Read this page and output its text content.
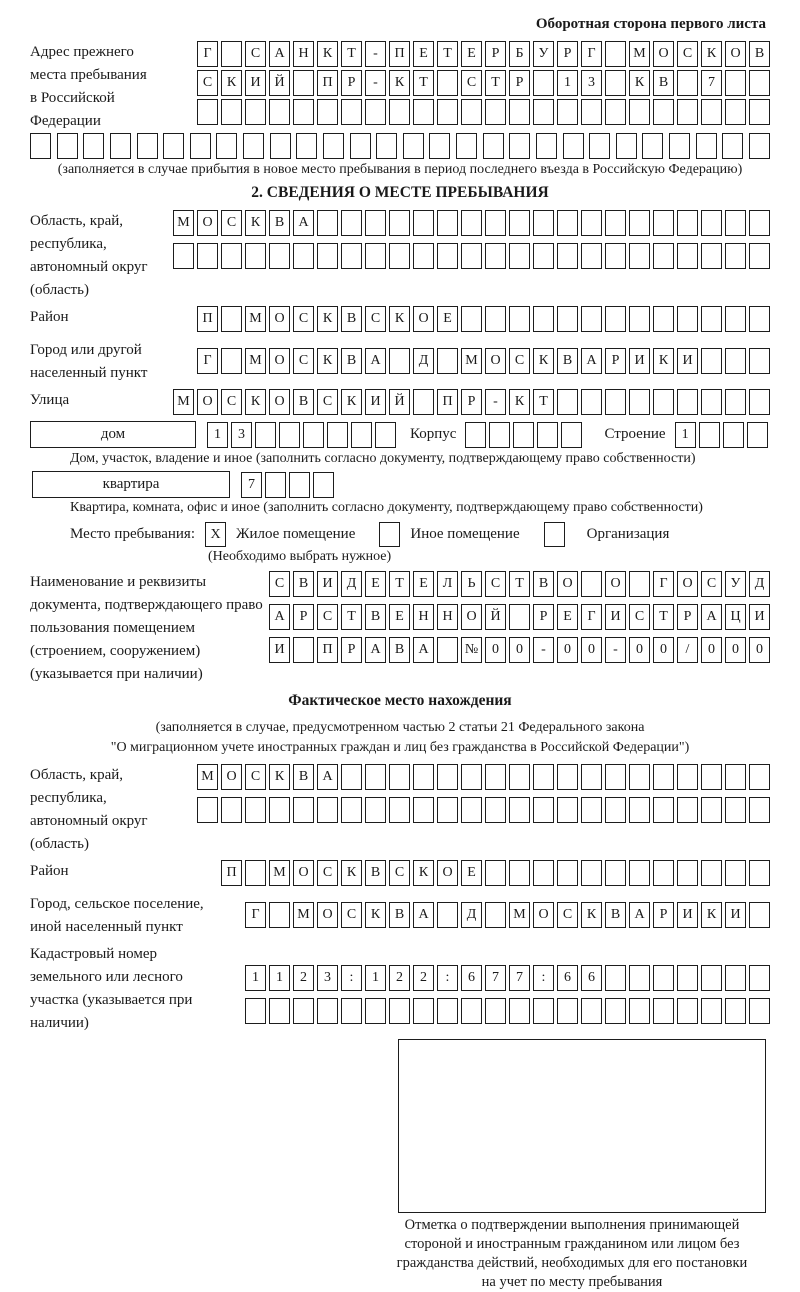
Оборотная сторона первого листа
Адрес прежнего места пребывания в Российской Федерации
Г	С	А Н	К	Т	-	П	Е	Т	Е	Р	Б	У	Р	Г	М О	С	К	О	В
С	К	И Й	П	Р	-	К	Т	С	Т	Р	1	3	К	В	7
(заполняется в случае прибытия в новое место пребывания в период последнего въезда в Российскую Федерацию)
2. СВЕДЕНИЯ О МЕСТЕ ПРЕБЫВАНИЯ
Область, край, республика, автономный округ (область)
М О	С	К	В	А
Район	П	М О	С	К	В	С	К	О	Е
Город или другой населенный пункт
Г	М О	С	К	В	А	Д	М О	С	К	В	А	Р	И	К	И
Улица	М О	С	К	О	В	С	К	И Й	П	Р	-	К	Т
дом	1	3	Корпус	Строение	1
Дом, участок, владение и иное (заполнить согласно документу, подтверждающему право собственности)
квартира	7
Квартира, комната, офис и иное (заполнить согласно документу, подтверждающему право собственности)
Место пребывания:	X	Жилое помещение	Иное помещение	Организация
(Необходимо выбрать нужное)
Наименование и реквизиты документа, подтверждающего право пользования помещением (строением, сооружением) (указывается при наличии)
С	В	И	Д	Е	Т	Е	Л	Ь	С	Т	В	О	О	Г	О	С	У	Д
А	Р	С	Т	В	Е	Н Н О Й	Р	Е	Г	И	С	Т	Р	А Ц И
И	П	Р	А	В	А	№ 0	0	-	0	0	-	0	0	/	0	0	0
Фактическое место нахождения
(заполняется в случае, предусмотренном частью 2 статьи 21 Федерального закона
"О миграционном учете иностранных граждан и лиц без гражданства в Российской Федерации")
Область, край, республика, автономный округ (область)
М О	С	К	В	А
Район	П	М О	С	К	В	С	К	О	Е
Город, сельское поселение, иной населенный пункт
Г	М О	С	К	В	А	Д	М О	С	К	В	А	Р	И	К	И
Кадастровый номер земельного или лесного участка (указывается при наличии)
1	1	2	3	:	1	2	2	:	6	7	7	:	6	6
Отметка о подтверждении выполнения принимающей
стороной и иностранным гражданином или лицом без
гражданства действий, необходимых для его постановки
на учет по месту пребывания
